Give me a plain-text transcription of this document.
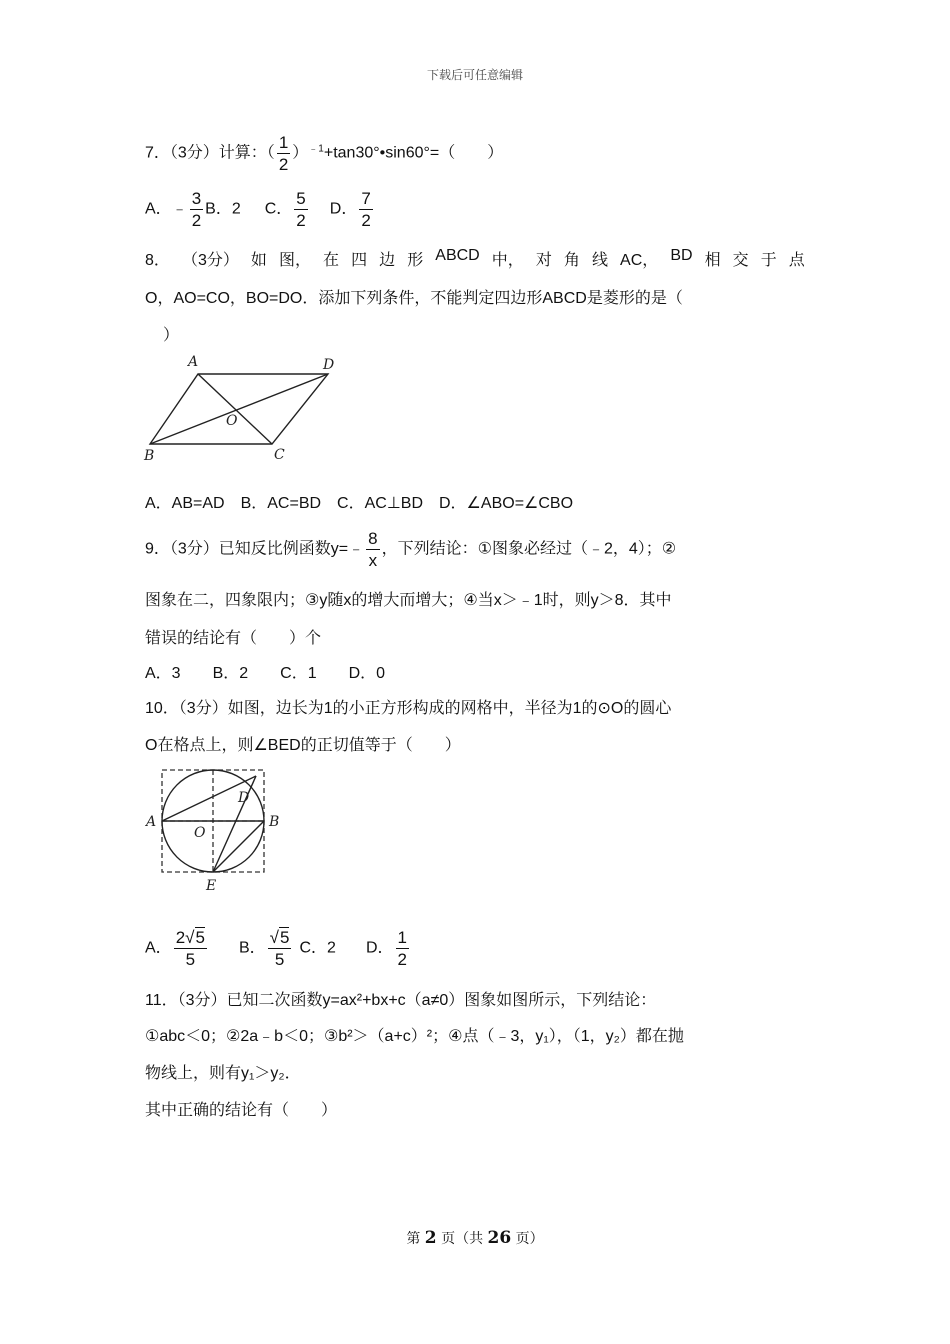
下载后可任意编辑
7．（3分）计算：（ $\frac{1}{2}$ ）$^{﹣1}$+tan30°•sin60°=（　　）
A．﹣ $\frac{3}{2}$ B．2 C． $\frac{5}{2}$ D． $\frac{7}{2}$
8． （3分） 如 图， 在 四 边 形 ABCD 中， 对 角 线 AC， BD 相 交 于 点
O，AO=CO，BO=DO．添加下列条件，不能判定四边形ABCD是菱形的是（
）
A	D
O
B	C
A．AB=AD　B．AC=BD　C．AC⊥BD　D．∠ABO=∠CBO
9．（3分）已知反比例函数y=﹣ $\frac{8}{x}$ ，下列结论：①图象必经过（﹣2，4）；②
图象在二，四象限内；③y随x的增大而增大；④当x＞﹣1时，则y＞8．其中
错误的结论有（　　）个
A．3　　B．2　　C．1　　D．0
10．（3分）如图，边长为1的小正方形构成的网格中，半径为1的⊙O的圆心
O在格点上，则∠BED的正切值等于（　　）
A	B
D
O
E
A． $\frac{2√5}{5}$ B． $\frac{√5}{5}$ C．2 D． $\frac{1}{2}$
11．（3分）已知二次函数y=ax²+bx+c（a≠0）图象如图所示，下列结论：
①abc＜0；②2a﹣b＜0；③b²＞（a+c）²；④点（﹣3，y₁），（1，y₂）都在抛
物线上，则有y₁＞y₂．
其中正确的结论有（　　）
第 2 页（共 26 页）
